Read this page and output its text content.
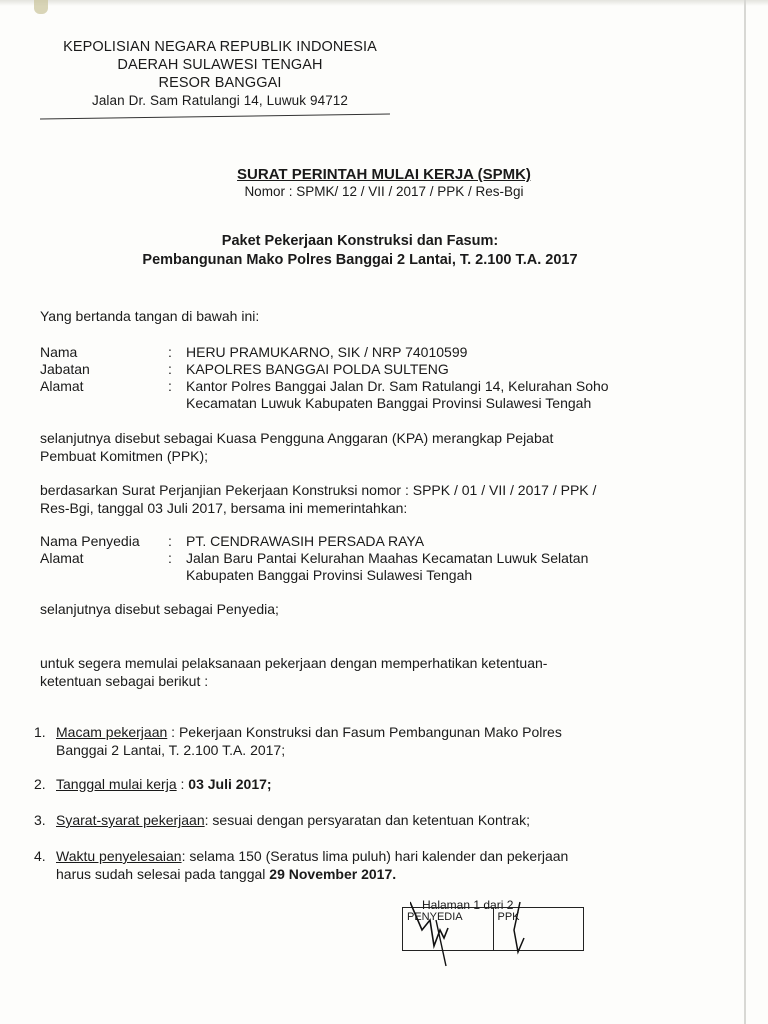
KEPOLISIAN NEGARA REPUBLIK INDONESIA
DAERAH SULAWESI TENGAH
RESOR BANGGAI
Jalan Dr. Sam Ratulangi 14, Luwuk 94712
SURAT PERINTAH MULAI KERJA (SPMK)
Nomor : SPMK/ 12 / VII / 2017 / PPK / Res-Bgi
Paket Pekerjaan Konstruksi dan Fasum:
Pembangunan Mako Polres Banggai 2 Lantai, T. 2.100 T.A. 2017
Yang bertanda tangan di bawah ini:
Nama	: HERU PRAMUKARNO, SIK / NRP 74010599
Jabatan	: KAPOLRES BANGGAI POLDA SULTENG
Alamat	: Kantor Polres Banggai Jalan Dr. Sam Ratulangi 14, Kelurahan Soho
Kecamatan Luwuk Kabupaten Banggai Provinsi Sulawesi Tengah
selanjutnya disebut sebagai Kuasa Pengguna Anggaran (KPA) merangkap Pejabat
Pembuat Komitmen (PPK);
berdasarkan Surat Perjanjian Pekerjaan Konstruksi nomor : SPPK / 01 / VII / 2017 / PPK /
Res-Bgi, tanggal 03 Juli 2017, bersama ini memerintahkan:
Nama Penyedia : PT. CENDRAWASIH PERSADA RAYA
Alamat	: Jalan Baru Pantai Kelurahan Maahas Kecamatan Luwuk Selatan
Kabupaten Banggai Provinsi Sulawesi Tengah
selanjutnya disebut sebagai Penyedia;
untuk segera memulai pelaksanaan pekerjaan dengan memperhatikan ketentuan-
ketentuan sebagai berikut :
1. Macam pekerjaan : Pekerjaan Konstruksi dan Fasum Pembangunan Mako Polres
Banggai 2 Lantai, T. 2.100 T.A. 2017;
2. Tanggal mulai kerja : 03 Juli 2017;
3. Syarat-syarat pekerjaan: sesuai dengan persyaratan dan ketentuan Kontrak;
4. Waktu penyelesaian: selama 150 (Seratus lima puluh) hari kalender dan pekerjaan
harus sudah selesai pada tanggal 29 November 2017.
Halaman 1 dari 2
PENYEDIA	PPK
